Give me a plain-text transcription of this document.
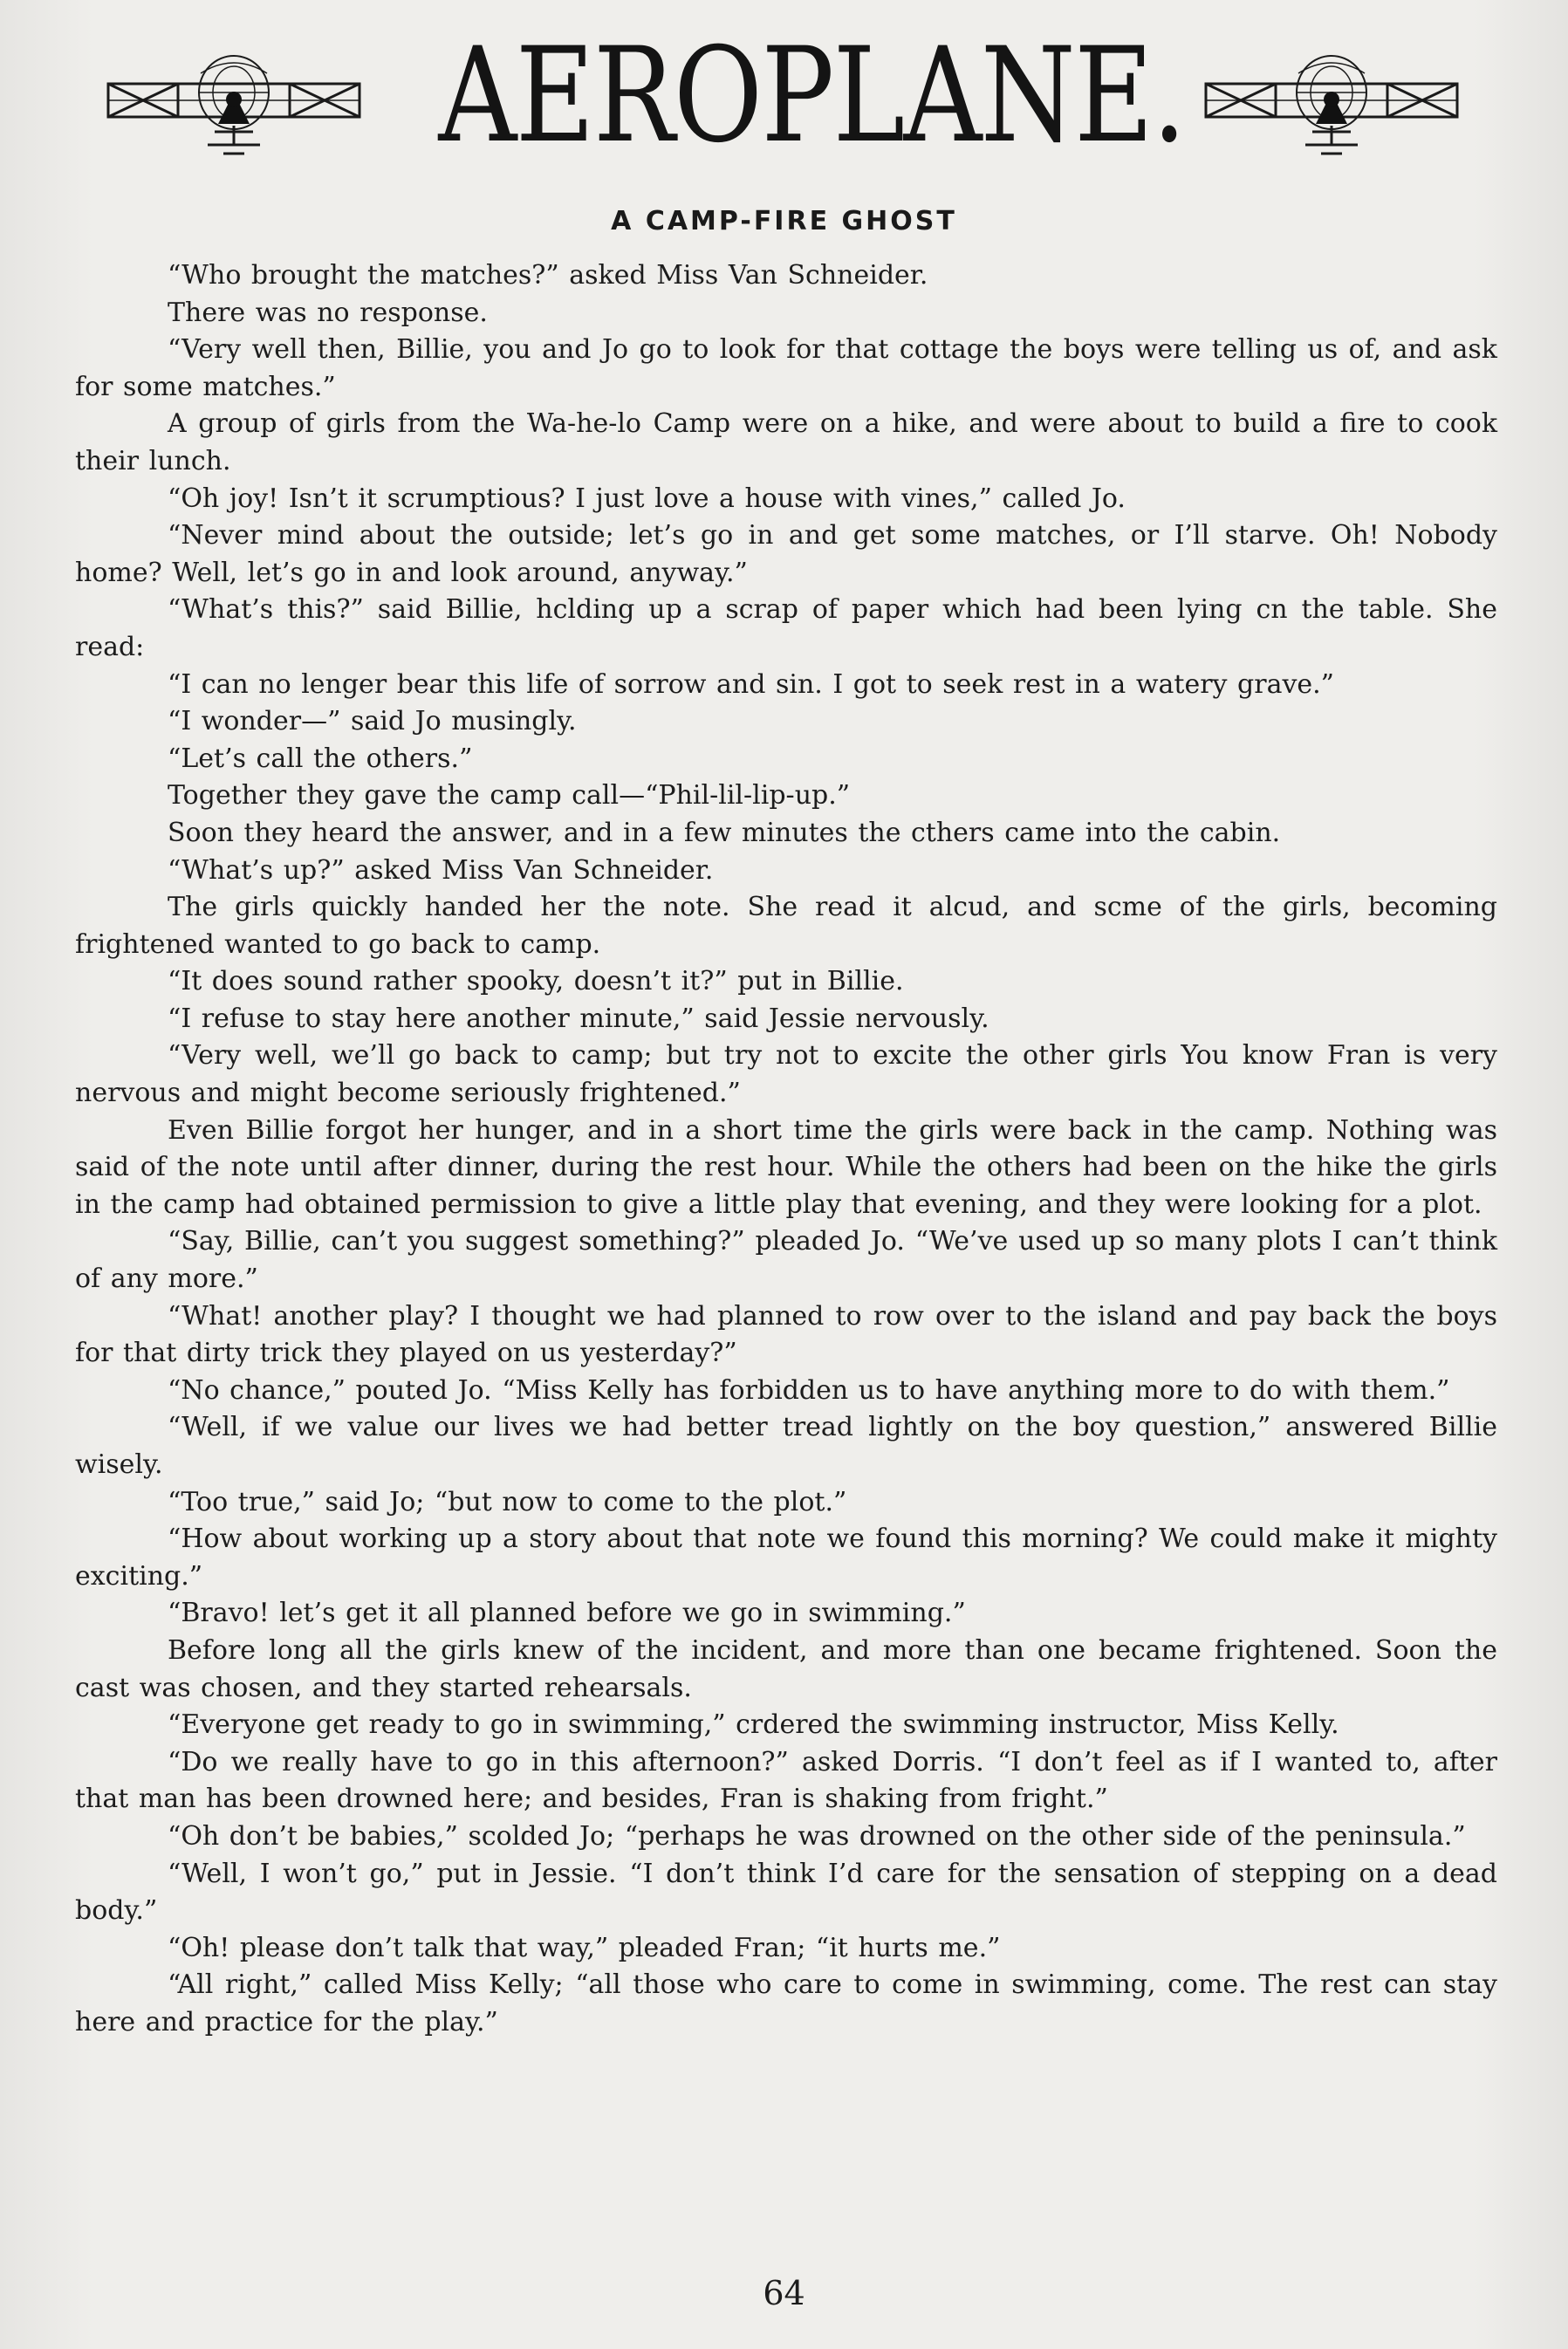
AEROPLANE.
A CAMP-FIRE GHOST

“Who brought the matches?” asked Miss Van Schneider.

There was no response.

“Very well then, Billie, you and Jo go to look for that cottage the boys were telling us of, and ask for some matches.”

A group of girls from the Wa-he-lo Camp were on a hike, and were about to build a fire to cook their lunch.

“Oh joy! Isn’t it scrumptious? I just love a house with vines,” called Jo.

“Never mind about the outside; let’s go in and get some matches, or I’ll starve. Oh! Nobody home? Well, let’s go in and look around, anyway.”

“What’s this?” said Billie, hclding up a scrap of paper which had been lying cn the table. She read:

“I can no lenger bear this life of sorrow and sin. I got to seek rest in a watery grave.”

“I wonder—” said Jo musingly.

“Let’s call the others.”

Together they gave the camp call—“Phil-lil-lip-up.”

Soon they heard the answer, and in a few minutes the cthers came into the cabin.

“What’s up?” asked Miss Van Schneider.

The girls quickly handed her the note. She read it alcud, and scme of the girls, becoming frightened wanted to go back to camp.

“It does sound rather spooky, doesn’t it?” put in Billie.

“I refuse to stay here another minute,” said Jessie nervously.

“Very well, we’ll go back to camp; but try not to excite the other girls You know Fran is very nervous and might become seriously frightened.”

Even Billie forgot her hunger, and in a short time the girls were back in the camp. Nothing was said of the note until after dinner, during the rest hour. While the others had been on the hike the girls in the camp had obtained permission to give a little play that evening, and they were looking for a plot.

“Say, Billie, can’t you suggest something?” pleaded Jo. “We’ve used up so many plots I can’t think of any more.”

“What! another play? I thought we had planned to row over to the island and pay back the boys for that dirty trick they played on us yesterday?”

“No chance,” pouted Jo. “Miss Kelly has forbidden us to have anything more to do with them.”

“Well, if we value our lives we had better tread lightly on the boy question,” answered Billie wisely.

“Too true,” said Jo; “but now to come to the plot.”

“How about working up a story about that note we found this morning? We could make it mighty exciting.”

“Bravo! let’s get it all planned before we go in swimming.”

Before long all the girls knew of the incident, and more than one became frightened. Soon the cast was chosen, and they started rehearsals.

“Everyone get ready to go in swimming,” crdered the swimming instructor, Miss Kelly.

“Do we really have to go in this afternoon?” asked Dorris. “I don’t feel as if I wanted to, after that man has been drowned here; and besides, Fran is shaking from fright.”

“Oh don’t be babies,” scolded Jo; “perhaps he was drowned on the other side of the peninsula.”

“Well, I won’t go,” put in Jessie. “I don’t think I’d care for the sensation of stepping on a dead body.”

“Oh! please don’t talk that way,” pleaded Fran; “it hurts me.”

“All right,” called Miss Kelly; “all those who care to come in swimming, come. The rest can stay here and practice for the play.”

64
